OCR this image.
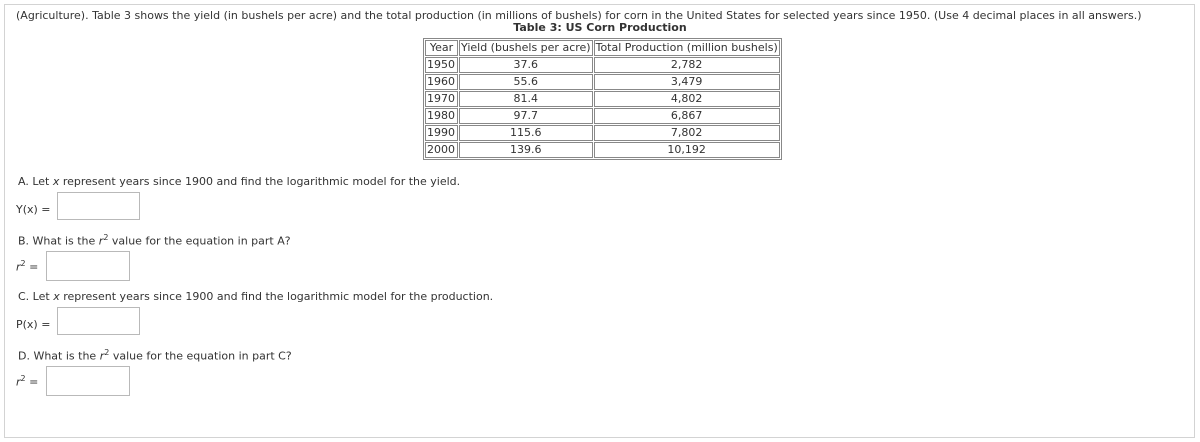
(Agriculture). Table 3 shows the yield (in bushels per acre) and the total production (in millions of bushels) for corn in the United States for selected years since 1950. (Use 4 decimal places in all answers.)
Table 3: US Corn Production
Year	Yield (bushels per acre)	Total Production (million bushels)
1950	37.6	2,782
1960	55.6	3,479
1970	81.4	4,802
1980	97.7	6,867
1990	115.6	7,802
2000	139.6	10,192
A. Let x represent years since 1900 and find the logarithmic model for the yield.
Y(x) =
B. What is the $r^2$ value for the equation in part A?
$r^2$ =
C. Let x represent years since 1900 and find the logarithmic model for the production.
P(x) =
D. What is the $r^2$ value for the equation in part C?
$r^2$ =
